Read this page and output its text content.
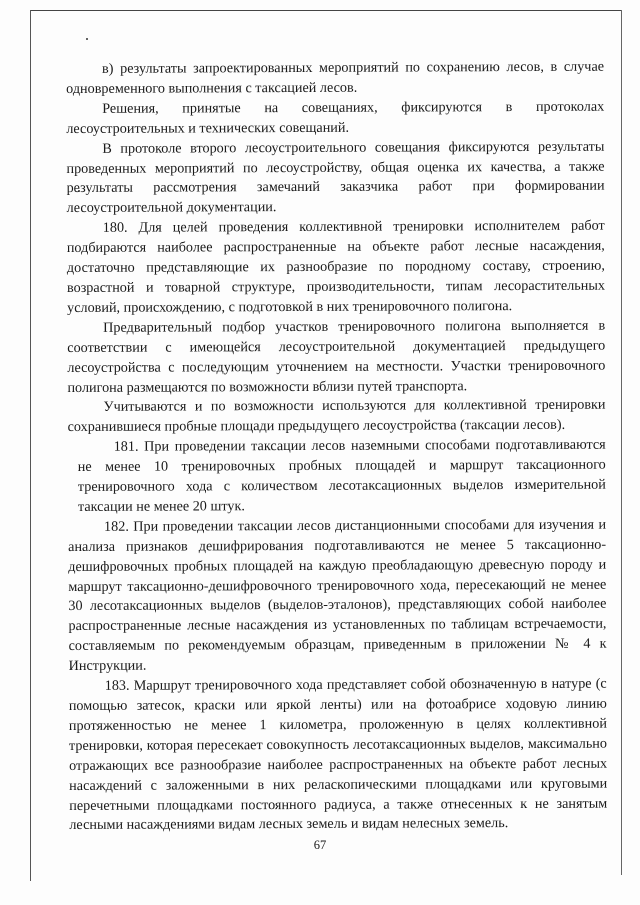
в) результаты запроектированных мероприятий по сохранению лесов, в случае одновременного выполнения с таксацией лесов.

Решения, принятые на совещаниях, фиксируются в протоколах лесоустроительных и технических совещаний.

В протоколе второго лесоустроительного совещания фиксируются результаты проведенных мероприятий по лесоустройству, общая оценка их качества, а также результаты рассмотрения замечаний заказчика работ при формировании лесоустроительной документации.

180. Для целей проведения коллективной тренировки исполнителем работ подбираются наиболее распространенные на объекте работ лесные насаждения, достаточно представляющие их разнообразие по породному составу, строению, возрастной и товарной структуре, производительности, типам лесорастительных условий, происхождению, с подготовкой в них тренировочного полигона.

Предварительный подбор участков тренировочного полигона выполняется в соответствии с имеющейся лесоустроительной документацией предыдущего лесоустройства с последующим уточнением на местности. Участки тренировочного полигона размещаются по возможности вблизи путей транспорта.

Учитываются и по возможности используются для коллективной тренировки сохранившиеся пробные площади предыдущего лесоустройства (таксации лесов).

181. При проведении таксации лесов наземными способами подготавливаются не менее 10 тренировочных пробных площадей и маршрут таксационного тренировочного хода с количеством лесотаксационных выделов измерительной таксации не менее 20 штук.

182. При проведении таксации лесов дистанционными способами для изучения и анализа признаков дешифрирования подготавливаются не менее 5 таксационно-дешифровочных пробных площадей на каждую преобладающую древесную породу и маршрут таксационно-дешифровочного тренировочного хода, пересекающий не менее 30 лесотаксационных выделов (выделов-эталонов), представляющих собой наиболее распространенные лесные насаждения из установленных по таблицам встречаемости, составляемым по рекомендуемым образцам, приведенным в приложении № 4 к Инструкции.

183. Маршрут тренировочного хода представляет собой обозначенную в натуре (с помощью затесок, краски или яркой ленты) или на фотоабрисе ходовую линию протяженностью не менее 1 километра, проложенную в целях коллективной тренировки, которая пересекает совокупность лесотаксационных выделов, максимально отражающих все разнообразие наиболее распространенных на объекте работ лесных насаждений с заложенными в них реласкопическими площадками или круговыми перечетными площадками постоянного радиуса, а также отнесенных к не занятым лесными насаждениями видам лесных земель и видам нелесных земель.

67
